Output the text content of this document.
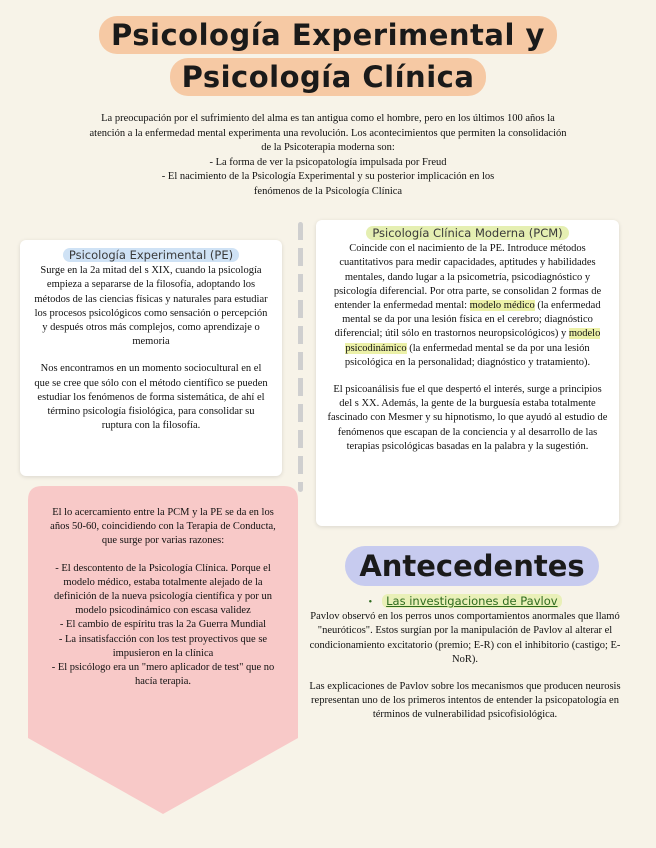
Psicología Experimental y
Psicología Clínica

La preocupación por el sufrimiento del alma es tan antigua como el hombre, pero en los últimos 100 años la

atención a la enfermedad mental experimenta una revolución. Los acontecimientos que permiten la consolidación

de la Psicoterapia moderna son:

- La forma de ver la psicopatología impulsada por Freud

- El nacimiento de la Psicología Experimental y su posterior implicación en los

fenómenos de la Psicología Clínica

Psicología Experimental (PE)

Surge en la 2a mitad del s XIX, cuando la psicología empieza a separarse de la filosofía, adoptando los métodos de las ciencias físicas y naturales para estudiar los procesos psicológicos como sensación o percepción y después otros más complejos, como aprendizaje o memoria

Nos encontramos en un momento sociocultural en el que se cree que sólo con el método científico se pueden estudiar los fenómenos de forma sistemática, de ahí el término psicología fisiológica, para consolidar su ruptura con la filosofía.

Psicología Clínica Moderna (PCM)

Coincide con el nacimiento de la PE. Introduce métodos cuantitativos para medir capacidades, aptitudes y habilidades mentales, dando lugar a la psicometría, psicodiagnóstico y psicología diferencial. Por otra parte, se consolidan 2 formas de entender la enfermedad mental: modelo médico (la enfermedad mental se da por una lesión física en el cerebro; diagnóstico diferencial; útil sólo en trastornos neuropsicológicos) y modelo psicodinámico (la enfermedad mental se da por una lesión psicológica en la personalidad; diagnóstico y tratamiento).

El psicoanálisis fue el que despertó el interés, surge a principios del s XX. Además, la gente de la burguesía estaba totalmente fascinado con Mesmer y su hipnotismo, lo que ayudó al estudio de fenómenos que escapan de la conciencia y al desarrollo de las terapias psicológicas basadas en la palabra y la sugestión.

El lo acercamiento entre la PCM y la PE se da en los años 50-60, coincidiendo con la Terapia de Conducta, que surge por varias razones:

- El descontento de la Psicología Clínica. Porque el modelo médico, estaba totalmente alejado de la definición de la nueva psicología científica y por un modelo psicodinámico con escasa validez

- El cambio de espíritu tras la 2a Guerra Mundial

- La insatisfacción con los test proyectivos que se impusieron en la clínica

- El psicólogo era un "mero aplicador de test" que no hacía terapia.

Antecedentes

• Las investigaciones de Pavlov

Pavlov observó en los perros unos comportamientos anormales que llamó "neuróticos". Estos surgían por la manipulación de Pavlov al alterar el condicionamiento excitatorio (premio; E-R) con el inhibitorio (castigo; E-NoR).

Las explicaciones de Pavlov sobre los mecanismos que producen neurosis representan uno de los primeros intentos de entender la psicopatología en términos de vulnerabilidad psicofisiológica.
